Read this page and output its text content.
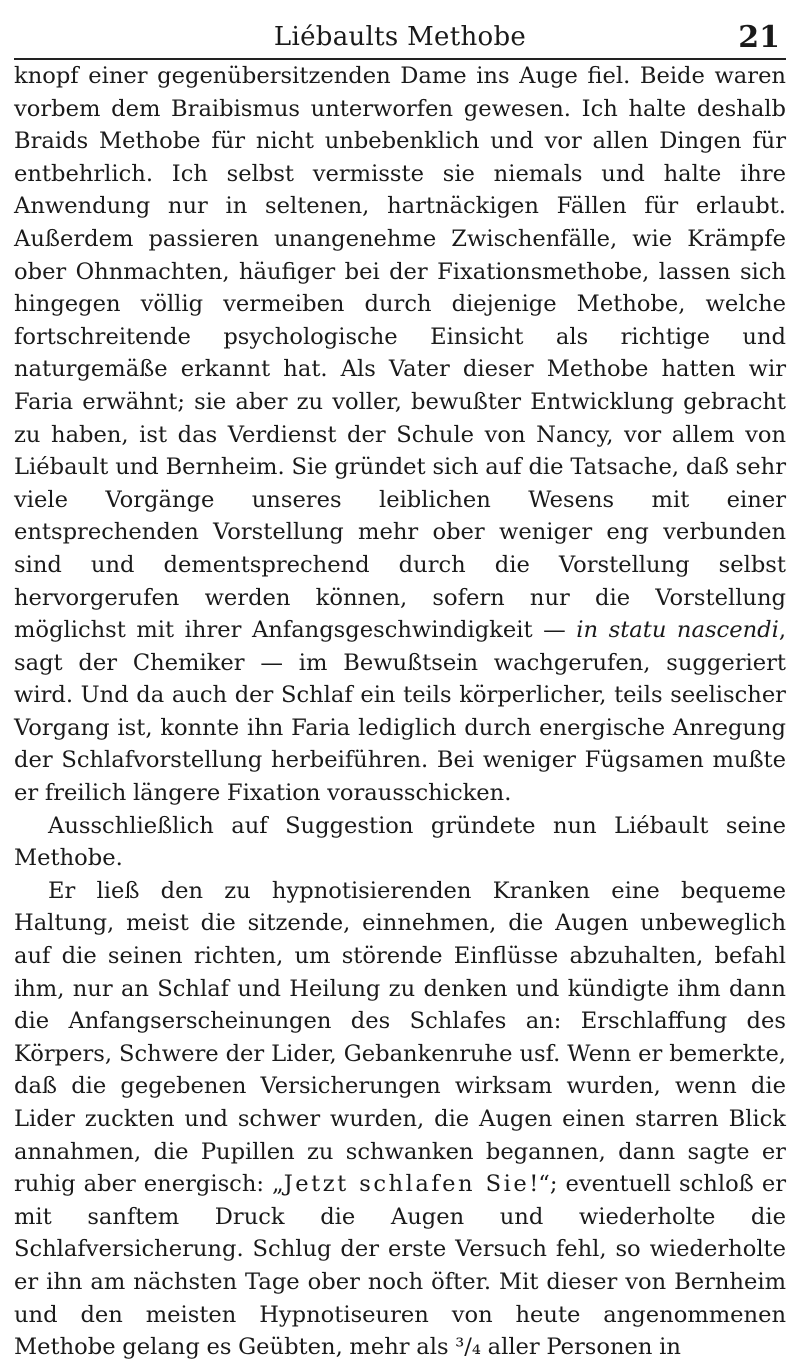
Liébaults Methobe	21

knopf einer gegenübersitzenden Dame ins Auge fiel. Beide waren vorbem dem Braibismus unterworfen gewesen. Ich halte deshalb Braids Methobe für nicht unbebenklich und vor allen Dingen für entbehrlich. Ich selbst vermisste sie niemals und halte ihre Anwendung nur in seltenen, hartnäckigen Fällen für erlaubt. Außerdem passieren unangenehme Zwischenfälle, wie Krämpfe ober Ohnmachten, häufiger bei der Fixationsmethobe, lassen sich hingegen völlig vermeiben durch diejenige Methobe, welche fortschreitende psychologische Einsicht als richtige und naturgemäße erkannt hat. Als Vater dieser Methobe hatten wir Faria erwähnt; sie aber zu voller, bewußter Entwicklung gebracht zu haben, ist das Verdienst der Schule von Nancy, vor allem von Liébault und Bernheim. Sie gründet sich auf die Tatsache, daß sehr viele Vorgänge unseres leiblichen Wesens mit einer entsprechenden Vorstellung mehr ober weniger eng verbunden sind und dementsprechend durch die Vorstellung selbst hervorgerufen werden können, sofern nur die Vorstellung möglichst mit ihrer Anfangsgeschwindigkeit — in statu nascendi, sagt der Chemiker — im Bewußtsein wachgerufen, suggeriert wird. Und da auch der Schlaf ein teils körperlicher, teils seelischer Vorgang ist, konnte ihn Faria lediglich durch energische Anregung der Schlafvorstellung herbeiführen. Bei weniger Fügsamen mußte er freilich längere Fixation vorausschicken.

Ausschließlich auf Suggestion gründete nun Liébault seine Methobe.

Er ließ den zu hypnotisierenden Kranken eine bequeme Haltung, meist die sitzende, einnehmen, die Augen unbeweglich auf die seinen richten, um störende Einflüsse abzuhalten, befahl ihm, nur an Schlaf und Heilung zu denken und kündigte ihm dann die Anfangserscheinungen des Schlafes an: Erschlaffung des Körpers, Schwere der Lider, Gebankenruhe usf. Wenn er bemerkte, daß die gegebenen Versicherungen wirksam wurden, wenn die Lider zuckten und schwer wurden, die Augen einen starren Blick annahmen, die Pupillen zu schwanken begannen, dann sagte er ruhig aber energisch: „Jetzt schlafen Sie!“; eventuell schloß er mit sanftem Druck die Augen und wiederholte die Schlafversicherung. Schlug der erste Versuch fehl, so wiederholte er ihn am nächsten Tage ober noch öfter. Mit dieser von Bernheim und den meisten Hypnotiseuren von heute angenommenen Methobe gelang es Geübten, mehr als ³/₄ aller Personen in
